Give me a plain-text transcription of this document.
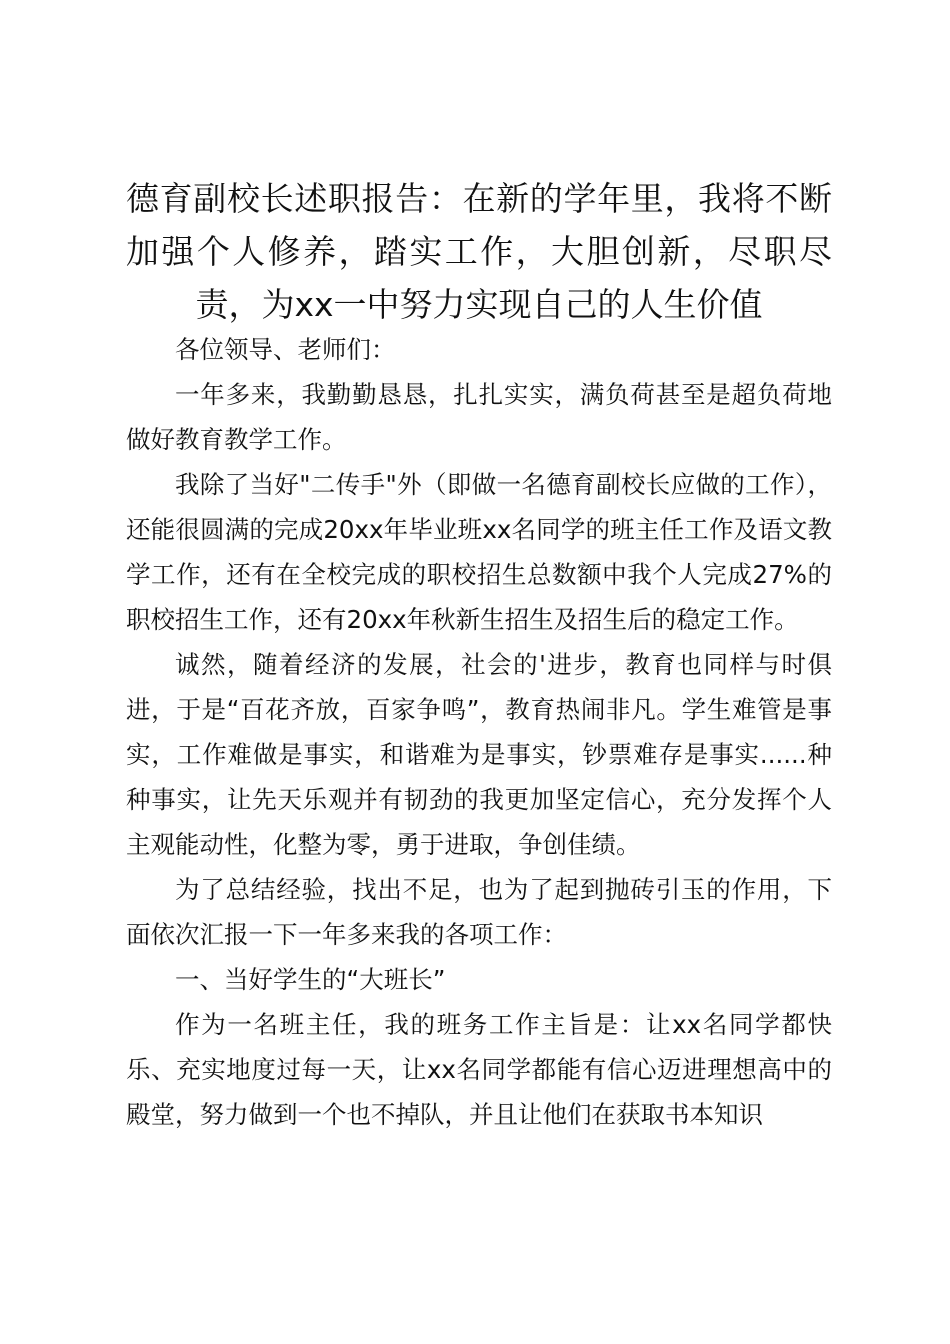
德育副校长述职报告：在新的学年里，我将不断加强个人修养，踏实工作，大胆创新，尽职尽责，为xx一中努力实现自己的人生价值

各位领导、老师们：

一年多来，我勤勤恳恳，扎扎实实，满负荷甚至是超负荷地做好教育教学工作。

我除了当好"二传手"外（即做一名德育副校长应做的工作），还能很圆满的完成20xx年毕业班xx名同学的班主任工作及语文教学工作，还有在全校完成的职校招生总数额中我个人完成27%的职校招生工作，还有20xx年秋新生招生及招生后的稳定工作。

诚然，随着经济的发展，社会的'进步，教育也同样与时俱进，于是“百花齐放，百家争鸣”，教育热闹非凡。学生难管是事实，工作难做是事实，和谐难为是事实，钞票难存是事实......种种事实，让先天乐观并有韧劲的我更加坚定信心，充分发挥个人主观能动性，化整为零，勇于进取，争创佳绩。

为了总结经验，找出不足，也为了起到抛砖引玉的作用，下面依次汇报一下一年多来我的各项工作：

一、当好学生的“大班长”

作为一名班主任，我的班务工作主旨是：让xx名同学都快乐、充实地度过每一天，让xx名同学都能有信心迈进理想高中的殿堂，努力做到一个也不掉队，并且让他们在获取书本知识
